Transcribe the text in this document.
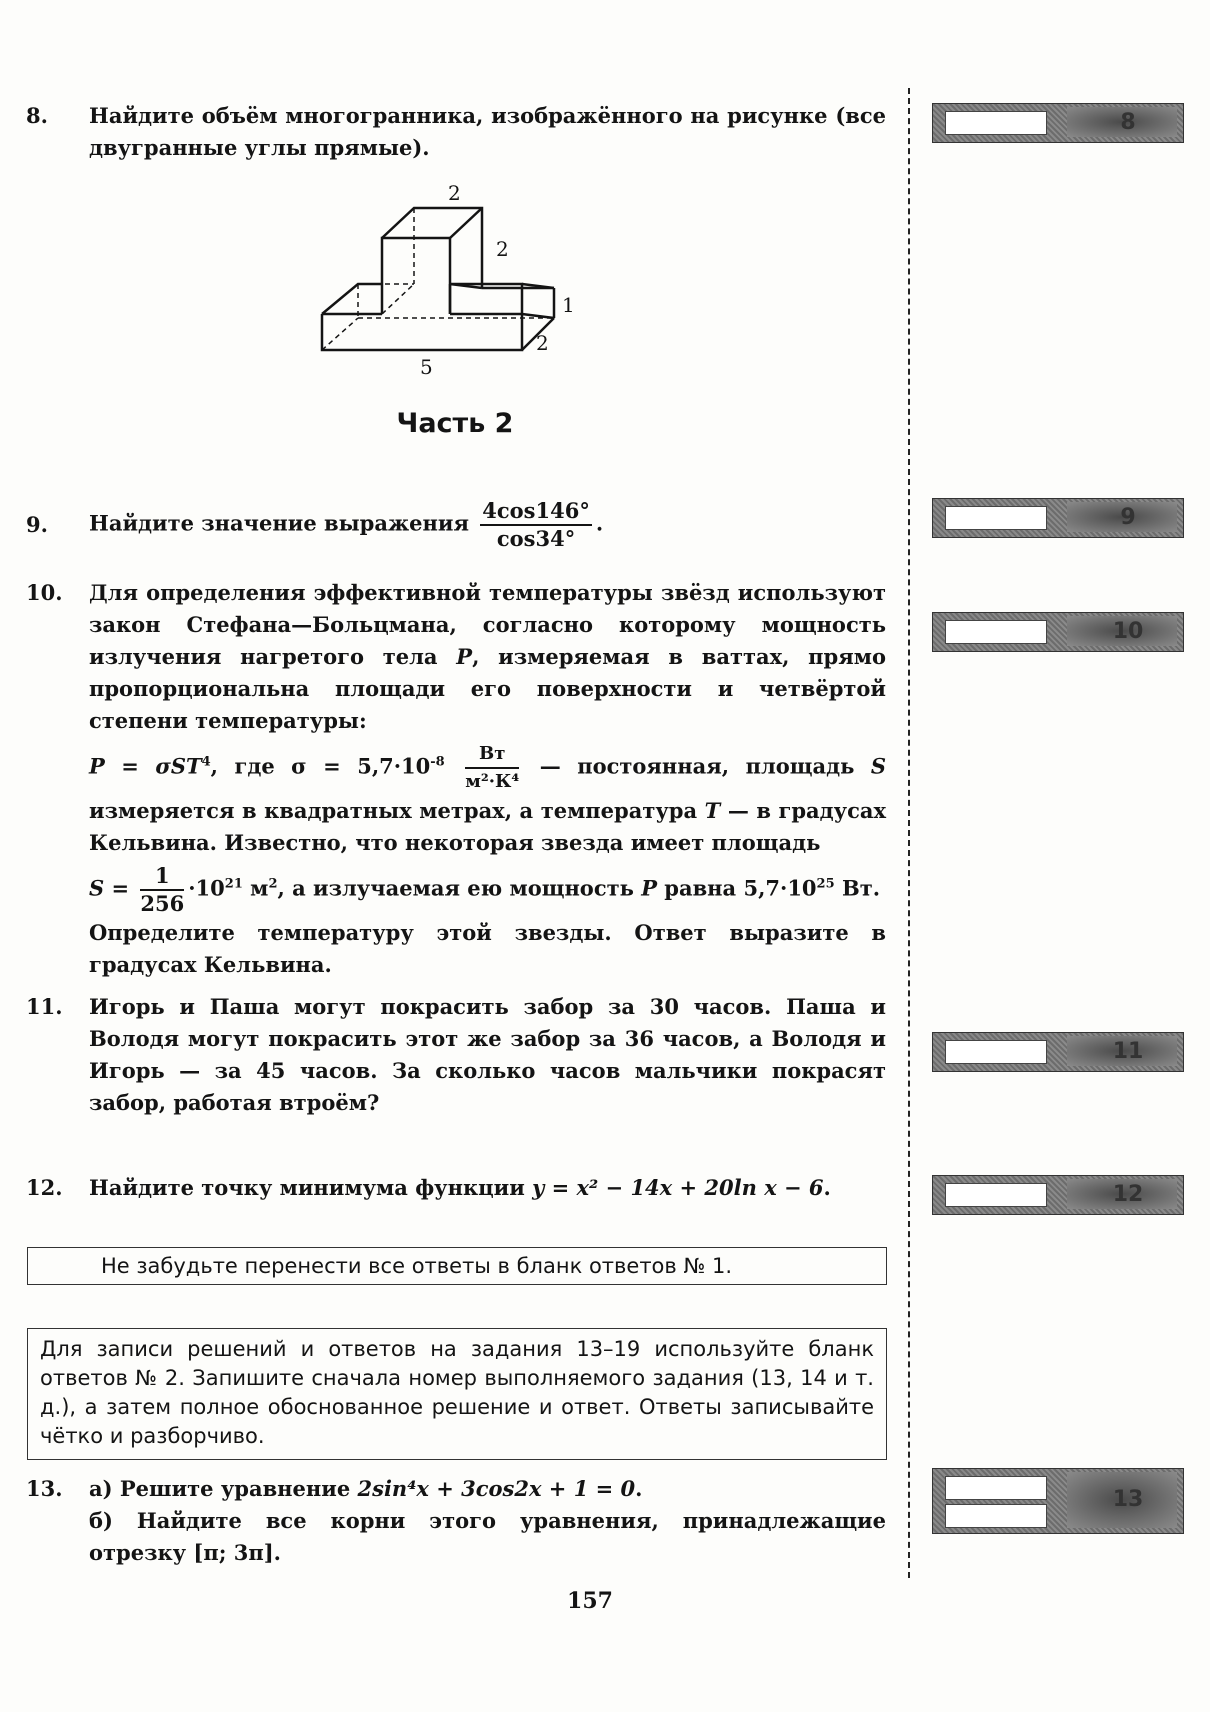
8. Найдите объём многогранника, изображённого на рисунке (все двугранные углы прямые).
2
2
1
2
5
Часть 2
9. Найдите значение выражения $\frac{4\cos 146^\circ}{\cos 34^\circ}$ .
10. Для определения эффективной температуры звёзд используют закон Стефана—Больцмана, согласно которому мощность излучения нагретого тела P, измеряемая в ваттах, прямо пропорциональна площади его поверхности и четвёртой степени температуры:

P = σST$^4$, где $\sigma = 5,7\cdot 10^{-8} \frac{Вт}{\text{м²·К⁴}}$ — постоянная, площадь S измеряется в квадратных метрах, а температура T — в градусах Кельвина. Известно, что некоторая звезда имеет площадь

$S = \frac{1}{256} \cdot 10^{21}$ $м^2$, а излучаемая ею мощность P равна $5,7\cdot 10^{25}$ Вт.

Определите температуру этой звезды. Ответ выразите в градусах Кельвина.

11. Игорь и Паша могут покрасить забор за 30 часов. Паша и Володя могут покрасить этот же забор за 36 часов, а Володя и Игорь — за 45 часов. За сколько часов мальчики покрасят забор, работая втроём?
12. Найдите точку минимума функции y = x² − 14x + 20ln x − 6.
Не забудьте перенести все ответы в бланк ответов № 1.
Для записи решений и ответов на задания 13–19 используйте бланк ответов № 2. Запишите сначала номер выполняемого задания (13, 14 и т. д.), а затем полное обоснованное решение и ответ. Ответы записывайте чётко и разборчиво.
13. а) Решите уравнение 2sin⁴x + 3cos2x + 1 = 0.

б) Найдите все корни этого уравнения, принадлежащие отрезку [π; 3π].

8
9
10
11
12
13
157
